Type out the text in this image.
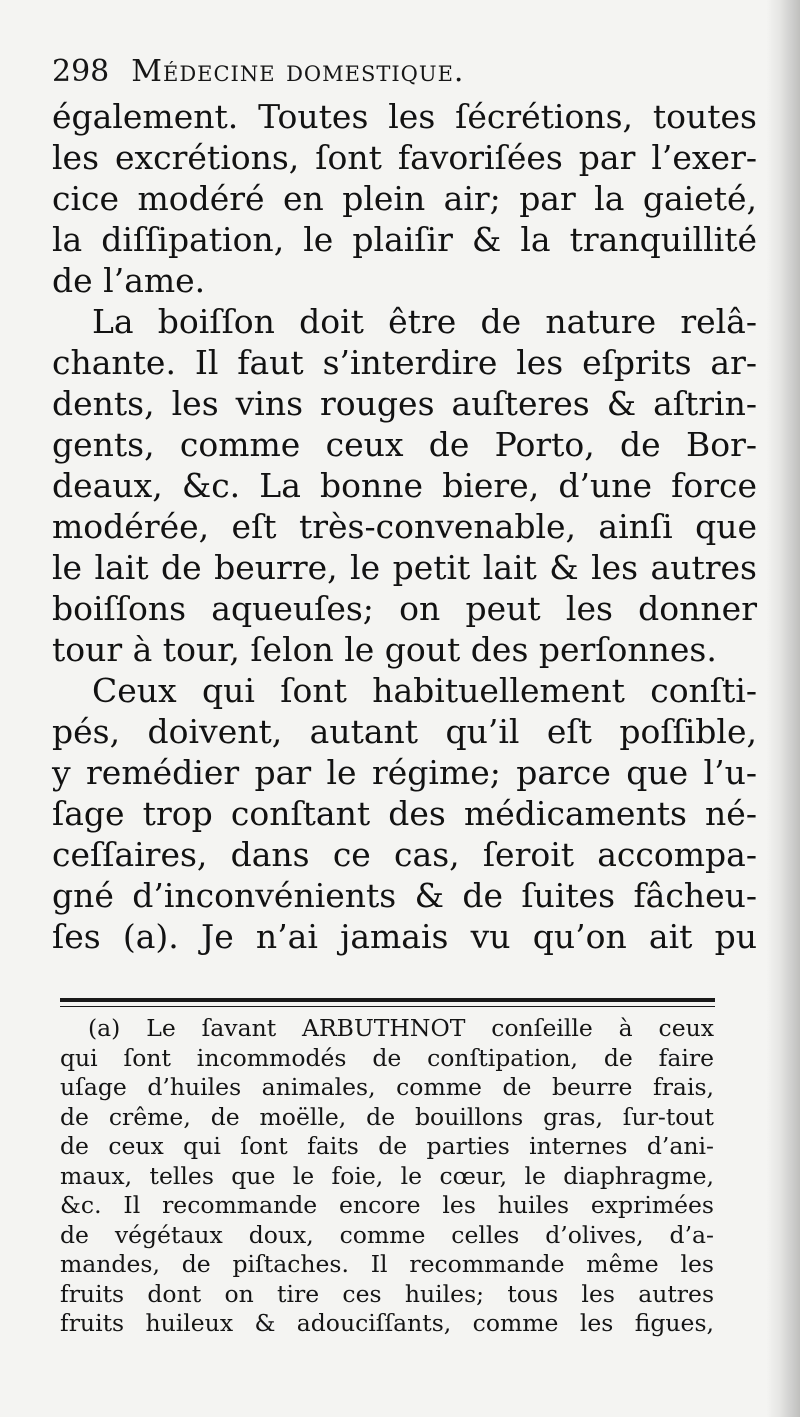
298 Médecine domestique.
également. Toutes les ſécrétions, toutes
les excrétions, ſont favoriſées par l’exer-
cice modéré en plein air; par la gaieté,
la diſſipation, le plaiſir & la tranquillité
de l’ame.
La boiſſon doit être de nature relâ-
chante. Il faut s’interdire les eſprits ar-
dents, les vins rouges auſteres & aſtrin-
gents, comme ceux de Porto, de Bor-
deaux, &c. La bonne biere, d’une force
modérée, eſt très-convenable, ainſi que
le lait de beurre, le petit lait & les autres
boiſſons aqueuſes; on peut les donner
tour à tour, ſelon le gout des perſonnes.
Ceux qui ſont habituellement conſti-
pés, doivent, autant qu’il eſt poſſible,
y remédier par le régime; parce que l’u-
ſage trop conſtant des médicaments né-
ceſſaires, dans ce cas, ſeroit accompa-
gné d’inconvénients & de ſuites fâcheu-
ſes (a). Je n’ai jamais vu qu’on ait pu
(a) Le ſavant ARBUTHNOT conſeille à ceux
qui ſont incommodés de conſtipation, de faire
uſage d’huiles animales, comme de beurre frais,
de crême, de moëlle, de bouillons gras, ſur-tout
de ceux qui ſont faits de parties internes d’ani-
maux, telles que le foie, le cœur, le diaphragme,
&c. Il recommande encore les huiles exprimées
de végétaux doux, comme celles d’olives, d’a-
mandes, de piſtaches. Il recommande même les
fruits dont on tire ces huiles; tous les autres
fruits huileux & adouciſſants, comme les figues,
